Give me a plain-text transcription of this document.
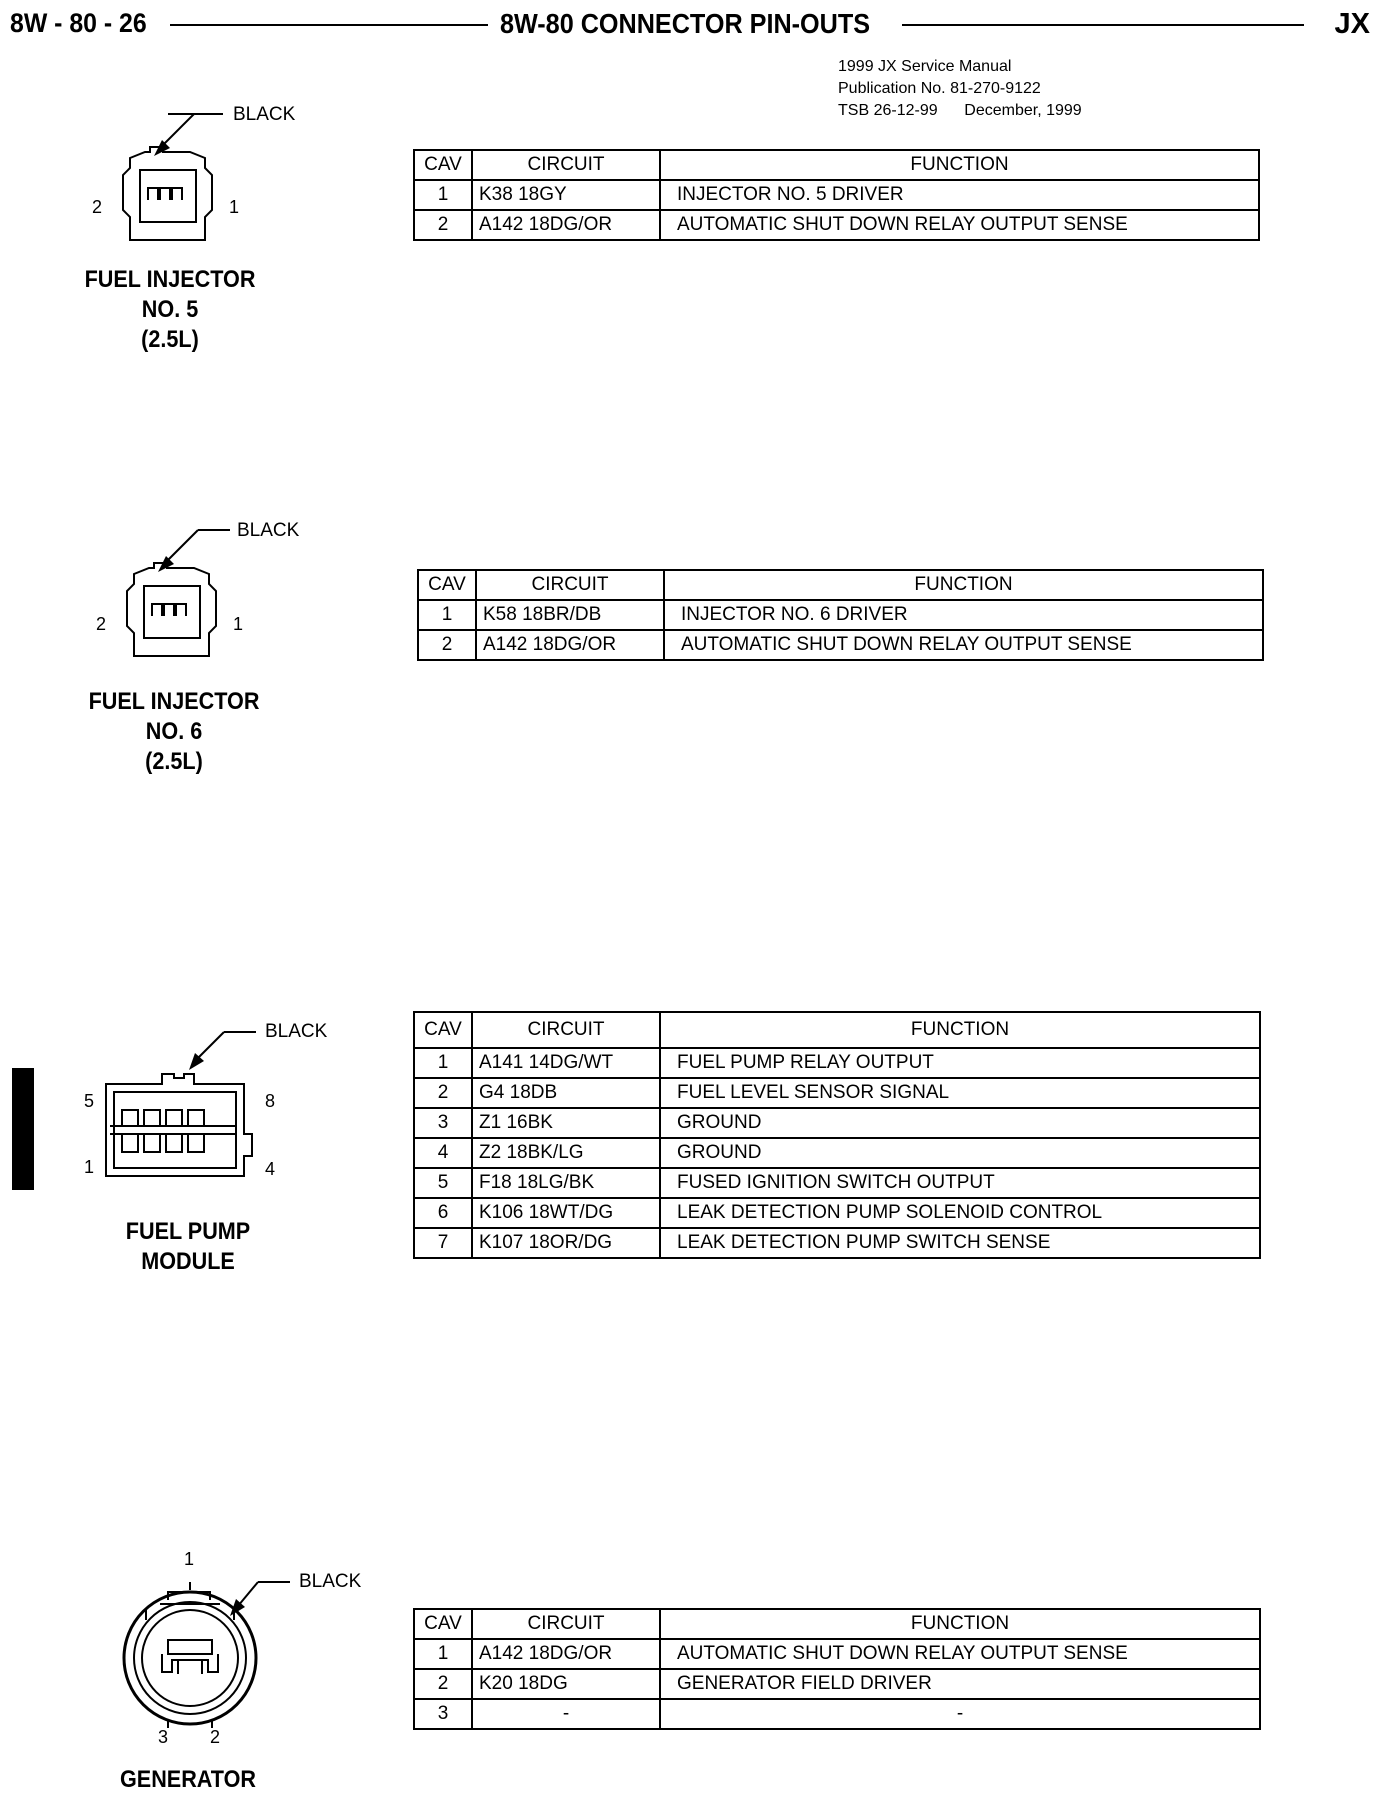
8W - 80 - 26	8W-80 CONNECTOR PIN-OUTS	JX
1999 JX Service Manual
Publication No. 81-270-9122
TSB 26-12-99      December, 1999
BLACK
2	1
FUEL INJECTOR
NO. 5
(2.5L)
CAV	CIRCUIT	FUNCTION
1	K38 18GY	INJECTOR NO. 5 DRIVER
2	A142 18DG/OR	AUTOMATIC SHUT DOWN RELAY OUTPUT SENSE
BLACK
2	1
FUEL INJECTOR
NO. 6
(2.5L)
CAV	CIRCUIT	FUNCTION
1	K58 18BR/DB	INJECTOR NO. 6 DRIVER
2	A142 18DG/OR	AUTOMATIC SHUT DOWN RELAY OUTPUT SENSE
BLACK
5	8
1	4
FUEL PUMP
MODULE
CAV	CIRCUIT	FUNCTION
1	A141 14DG/WT	FUEL PUMP RELAY OUTPUT
2	G4 18DB	FUEL LEVEL SENSOR SIGNAL
3	Z1 16BK	GROUND
4	Z2 18BK/LG	GROUND
5	F18 18LG/BK	FUSED IGNITION SWITCH OUTPUT
6	K106 18WT/DG	LEAK DETECTION PUMP SOLENOID CONTROL
7	K107 18OR/DG	LEAK DETECTION PUMP SWITCH SENSE
1
BLACK
3 2
GENERATOR
CAV	CIRCUIT	FUNCTION
1	A142 18DG/OR	AUTOMATIC SHUT DOWN RELAY OUTPUT SENSE
2	K20 18DG	GENERATOR FIELD DRIVER
3	-	-
